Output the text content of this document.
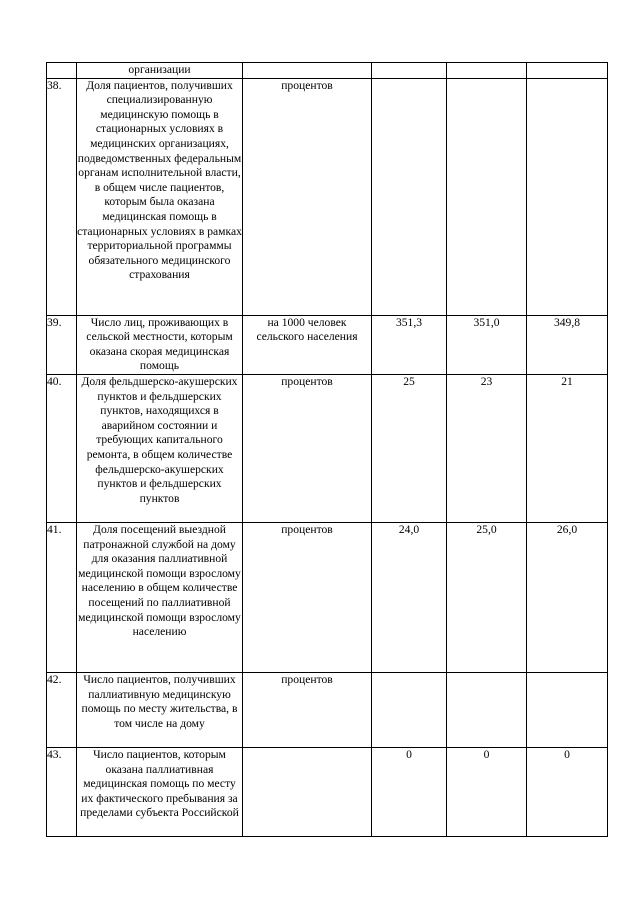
	организации				
38.	Доля пациентов, получивших специализированную медицинскую помощь в стационарных условиях в медицинских организациях, подведомственных федеральным органам исполнительной власти, в общем числе пациентов, которым была оказана медицинская помощь в стационарных условиях в рамках территориальной программы обязательного медицинского страхования	процентов			
39.	Число лиц, проживающих в сельской местности, которым оказана скорая медицинская помощь	на 1000 человек сельского населения	351,3	351,0	349,8
40.	Доля фельдшерско-акушерских пунктов и фельдшерских пунктов, находящихся в аварийном состоянии и требующих капитального ремонта, в общем количестве фельдшерско-акушерских пунктов и фельдшерских пунктов	процентов	25	23	21
41.	Доля посещений выездной патронажной службой на дому для оказания паллиативной медицинской помощи взрослому населению в общем количестве посещений по паллиативной медицинской помощи взрослому населению	процентов	24,0	25,0	26,0
42.	Число пациентов, получивших паллиативную медицинскую помощь по месту жительства, в том числе на дому	процентов			
43.	Число пациентов, которым оказана паллиативная медицинская помощь по месту их фактического пребывания за пределами субъекта Российской		0	0	0
